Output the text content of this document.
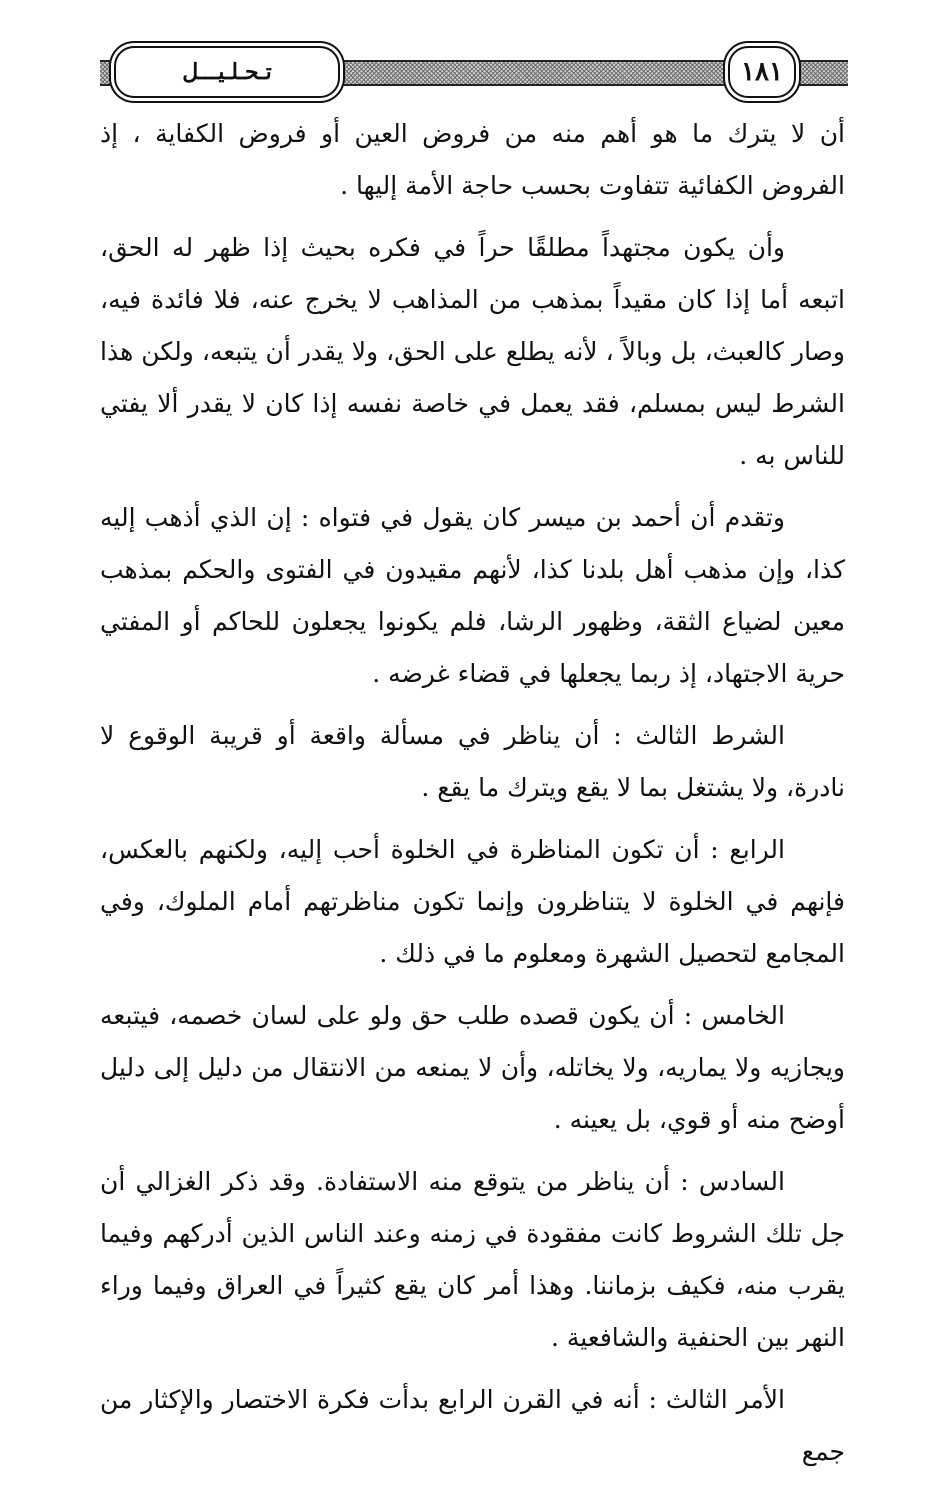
تـحـلـيـــل	١٨١

أن لا يترك ما هو أهم منه من فروض العين أو فروض الكفاية ، إذ الفروض الكفائية تتفاوت بحسب حاجة الأمة إليها .

وأن يكون مجتهداً مطلقًا حراً في فكره بحيث إذا ظهر له الحق، اتبعه أما إذا كان مقيداً بمذهب من المذاهب لا يخرج عنه، فلا فائدة فيه، وصار كالعبث، بل وبالاً ، لأنه يطلع على الحق، ولا يقدر أن يتبعه، ولكن هذا الشرط ليس بمسلم، فقد يعمل في خاصة نفسه إذا كان لا يقدر ألا يفتي للناس به .

وتقدم أن أحمد بن ميسر كان يقول في فتواه : إن الذي أذهب إليه كذا، وإن مذهب أهل بلدنا كذا، لأنهم مقيدون في الفتوى والحكم بمذهب معين لضياع الثقة، وظهور الرشا، فلم يكونوا يجعلون للحاكم أو المفتي حرية الاجتهاد، إذ ربما يجعلها في قضاء غرضه .

الشرط الثالث : أن يناظر في مسألة واقعة أو قريبة الوقوع لا نادرة، ولا يشتغل بما لا يقع ويترك ما يقع .

الرابع : أن تكون المناظرة في الخلوة أحب إليه، ولكنهم بالعكس، فإنهم في الخلوة لا يتناظرون وإنما تكون مناظرتهم أمام الملوك، وفي المجامع لتحصيل الشهرة ومعلوم ما في ذلك .

الخامس : أن يكون قصده طلب حق ولو على لسان خصمه، فيتبعه ويجازيه ولا يماريه، ولا يخاتله، وأن لا يمنعه من الانتقال من دليل إلى دليل أوضح منه أو قوي، بل يعينه .

السادس : أن يناظر من يتوقع منه الاستفادة. وقد ذكر الغزالي أن جل تلك الشروط كانت مفقودة في زمنه وعند الناس الذين أدركهم وفيما يقرب منه، فكيف بزماننا. وهذا أمر كان يقع كثيراً في العراق وفيما وراء النهر بين الحنفية والشافعية .

الأمر الثالث : أنه في القرن الرابع بدأت فكرة الاختصار والإكثار من جمع
